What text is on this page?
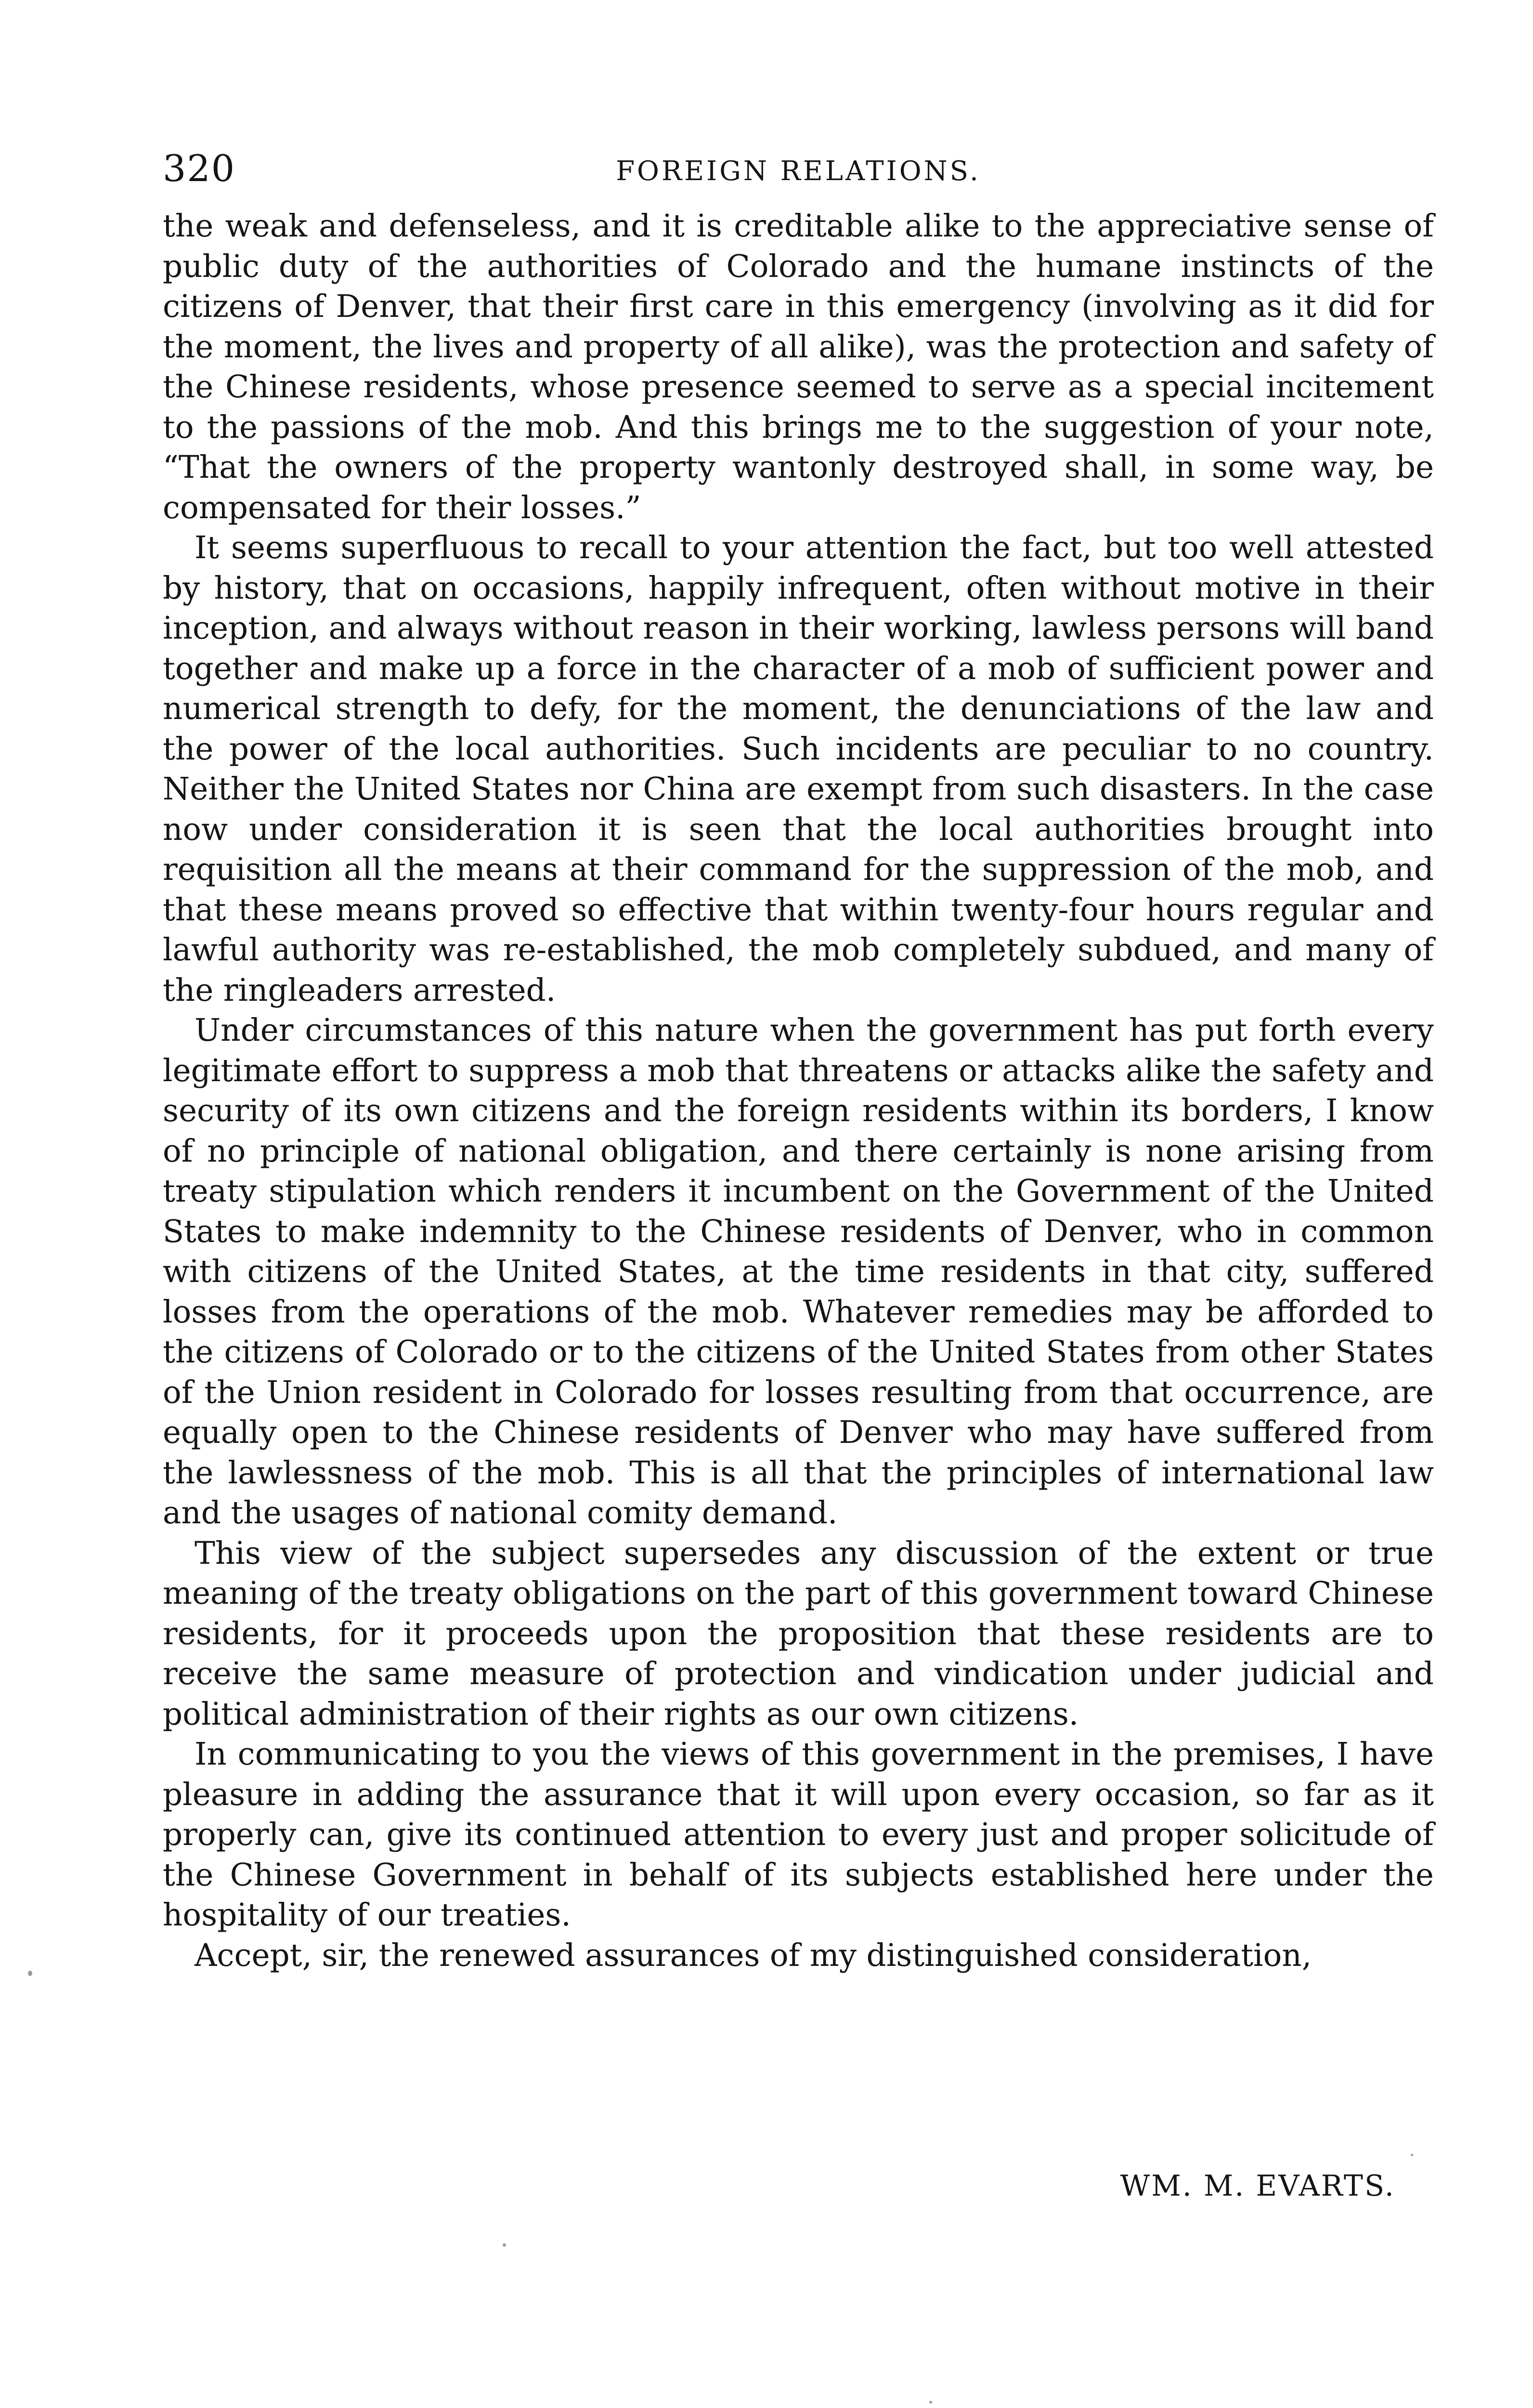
320	FOREIGN RELATIONS.

the weak and defenseless, and it is creditable alike to the appreciative sense of public duty of the authorities of Colorado and the humane instincts of the citizens of Denver, that their first care in this emergency (involving as it did for the moment, the lives and property of all alike), was the protection and safety of the Chinese residents, whose presence seemed to serve as a special incitement to the passions of the mob. And this brings me to the suggestion of your note, “That the owners of the property wantonly destroyed shall, in some way, be compensated for their losses.”

It seems superfluous to recall to your attention the fact, but too well attested by history, that on occasions, happily infrequent, often without motive in their inception, and always without reason in their working, lawless persons will band together and make up a force in the character of a mob of sufficient power and numerical strength to defy, for the moment, the denunciations of the law and the power of the local authorities. Such incidents are peculiar to no country. Neither the United States nor China are exempt from such disasters. In the case now under consideration it is seen that the local authorities brought into requisition all the means at their command for the suppression of the mob, and that these means proved so effective that within twenty-four hours regular and lawful authority was re-established, the mob completely subdued, and many of the ringleaders arrested.

Under circumstances of this nature when the government has put forth every legitimate effort to suppress a mob that threatens or attacks alike the safety and security of its own citizens and the foreign residents within its borders, I know of no principle of national obligation, and there certainly is none arising from treaty stipulation which renders it incumbent on the Government of the United States to make indemnity to the Chinese residents of Denver, who in common with citizens of the United States, at the time residents in that city, suffered losses from the operations of the mob. Whatever remedies may be afforded to the citizens of Colorado or to the citizens of the United States from other States of the Union resident in Colorado for losses resulting from that occurrence, are equally open to the Chinese residents of Denver who may have suffered from the lawlessness of the mob. This is all that the principles of international law and the usages of national comity demand.

This view of the subject supersedes any discussion of the extent or true meaning of the treaty obligations on the part of this government toward Chinese residents, for it proceeds upon the proposition that these residents are to receive the same measure of protection and vindication under judicial and political administration of their rights as our own citizens.

In communicating to you the views of this government in the premises, I have pleasure in adding the assurance that it will upon every occasion, so far as it properly can, give its continued attention to every just and proper solicitude of the Chinese Government in behalf of its subjects established here under the hospitality of our treaties.

Accept, sir, the renewed assurances of my distinguished consideration,

WM. M. EVARTS.
